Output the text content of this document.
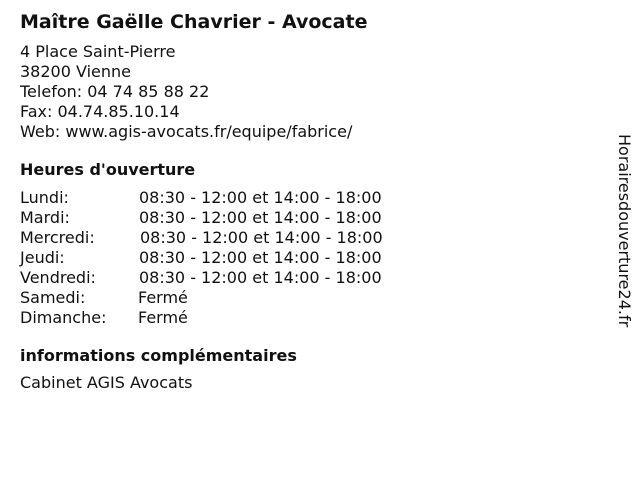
Maître Gaëlle Chavrier - Avocate
4 Place Saint-Pierre
38200 Vienne
Telefon: 04 74 85 88 22
Fax: 04.74.85.10.14
Web: www.agis-avocats.fr/equipe/fabrice/
Heures d'ouverture
Lundi:	08:30 - 12:00 et 14:00 - 18:00
Mardi:	08:30 - 12:00 et 14:00 - 18:00
Mercredi:	08:30 - 12:00 et 14:00 - 18:00
Jeudi:	08:30 - 12:00 et 14:00 - 18:00
Vendredi:	08:30 - 12:00 et 14:00 - 18:00
Samedi:	Fermé
Dimanche: Fermé
informations complémentaires
Cabinet AGIS Avocats
Horairesdouverture24.fr
